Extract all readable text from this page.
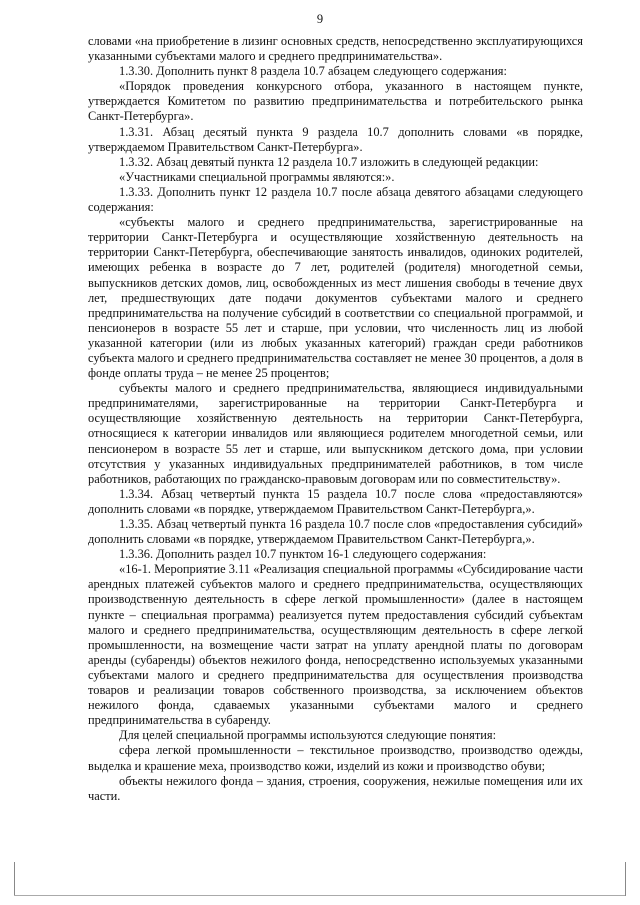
9

словами «на приобретение в лизинг основных средств, непосредственно эксплуатирующихся указанными субъектами малого и среднего предпринимательства».

1.3.30. Дополнить пункт 8 раздела 10.7 абзацем следующего содержания:

«Порядок проведения конкурсного отбора, указанного в настоящем пункте, утверждается Комитетом по развитию предпринимательства и потребительского рынка Санкт-Петербурга».

1.3.31. Абзац десятый пункта 9 раздела 10.7 дополнить словами «в порядке, утверждаемом Правительством Санкт-Петербурга».

1.3.32. Абзац девятый пункта 12 раздела 10.7 изложить в следующей редакции:

«Участниками специальной программы являются:».

1.3.33. Дополнить пункт 12 раздела 10.7 после абзаца девятого абзацами следующего содержания:

«субъекты малого и среднего предпринимательства, зарегистрированные на территории Санкт-Петербурга и осуществляющие хозяйственную деятельность на территории Санкт-Петербурга, обеспечивающие занятость инвалидов, одиноких родителей, имеющих ребенка в возрасте до 7 лет, родителей (родителя) многодетной семьи, выпускников детских домов, лиц, освобожденных из мест лишения свободы в течение двух лет, предшествующих дате подачи документов субъектами малого и среднего предпринимательства на получение субсидий в соответствии со специальной программой, и пенсионеров в возрасте 55 лет и старше, при условии, что численность лиц из любой указанной категории (или из любых указанных категорий) граждан среди работников субъекта малого и среднего предпринимательства составляет не менее 30 процентов, а доля в фонде оплаты труда – не менее 25 процентов;

субъекты малого и среднего предпринимательства, являющиеся индивидуальными предпринимателями, зарегистрированные на территории Санкт-Петербурга и осуществляющие хозяйственную деятельность на территории Санкт-Петербурга, относящиеся к категории инвалидов или являющиеся родителем многодетной семьи, или пенсионером в возрасте 55 лет и старше, или выпускником детского дома, при условии отсутствия у указанных индивидуальных предпринимателей работников, в том числе работников, работающих по гражданско-правовым договорам или по совместительству».

1.3.34. Абзац четвертый пункта 15 раздела 10.7 после слова «предоставляются» дополнить словами «в порядке, утверждаемом Правительством Санкт-Петербурга,».

1.3.35. Абзац четвертый пункта 16 раздела 10.7 после слов «предоставления субсидий» дополнить словами «в порядке, утверждаемом Правительством Санкт-Петербурга,».

1.3.36. Дополнить раздел 10.7 пунктом 16-1 следующего содержания:

«16-1. Мероприятие 3.11 «Реализация специальной программы «Субсидирование части арендных платежей субъектов малого и среднего предпринимательства, осуществляющих производственную деятельность в сфере легкой промышленности» (далее в настоящем пункте – специальная программа) реализуется путем предоставления субсидий субъектам малого и среднего предпринимательства, осуществляющим деятельность в сфере легкой промышленности, на возмещение части затрат на уплату арендной платы по договорам аренды (субаренды) объектов нежилого фонда, непосредственно используемых указанными субъектами малого и среднего предпринимательства для осуществления производства товаров и реализации товаров собственного производства, за исключением объектов нежилого фонда, сдаваемых указанными субъектами малого и среднего предпринимательства в субаренду.

Для целей специальной программы используются следующие понятия:

сфера легкой промышленности – текстильное производство, производство одежды, выделка и крашение меха, производство кожи, изделий из кожи и производство обуви;

объекты нежилого фонда – здания, строения, сооружения, нежилые помещения или их части.
